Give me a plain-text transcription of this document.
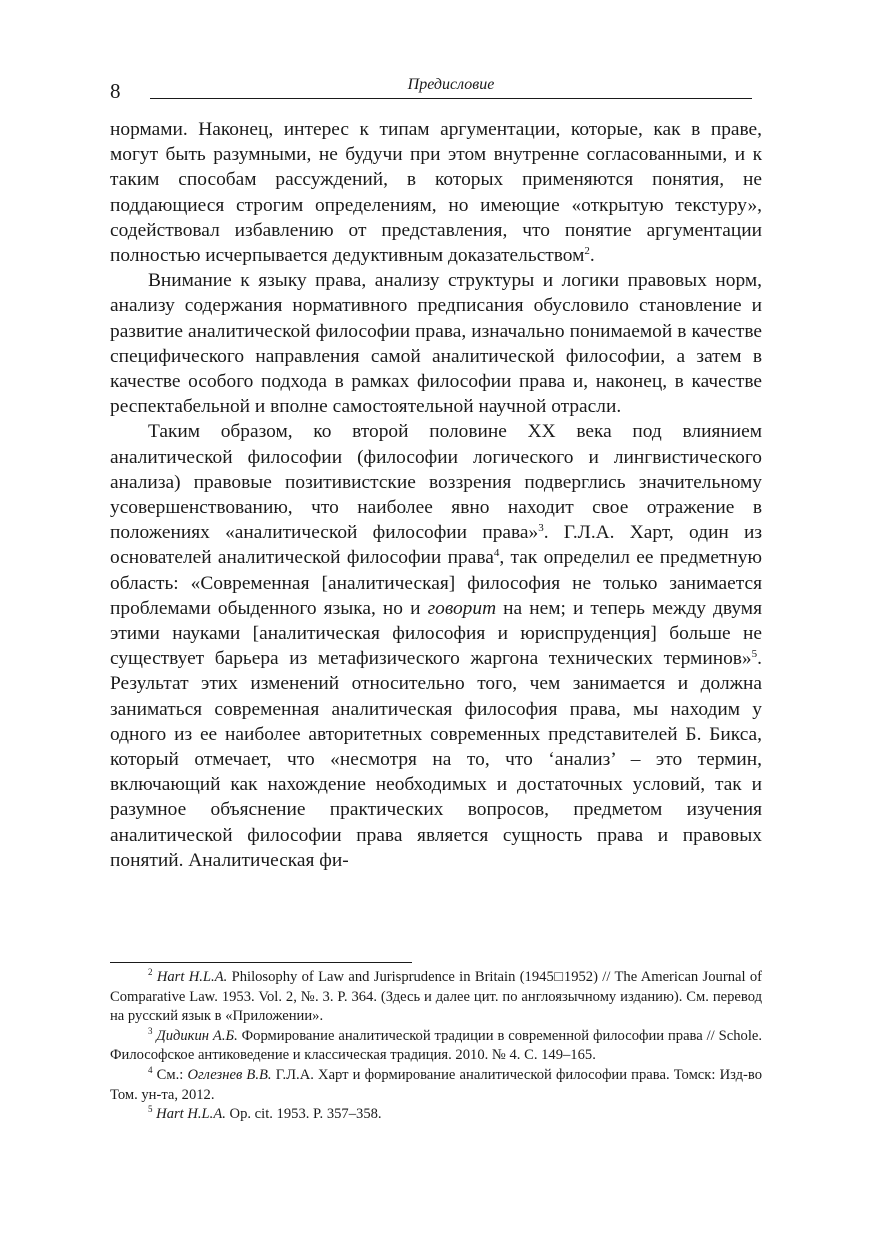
8	Предисловие

нормами. Наконец, интерес к типам аргументации, которые, как в праве, могут быть разумными, не будучи при этом внутренне согласованными, и к таким способам рассуждений, в которых применяются понятия, не поддающиеся строгим определениям, но имеющие «открытую текстуру», содействовал избавлению от представления, что понятие аргументации полностью исчерпывается дедуктивным доказательством$^2$.

Внимание к языку права, анализу структуры и логики правовых норм, анализу содержания нормативного предписания обусловило становление и развитие аналитической философии права, изначально понимаемой в качестве специфического направления самой аналитической философии, а затем в качестве особого подхода в рамках философии права и, наконец, в качестве респектабельной и вполне самостоятельной научной отрасли.

Таким образом, ко второй половине XX века под влиянием аналитической философии (философии логического и лингвистического анализа) правовые позитивистские воззрения подверглись значительному усовершенствованию, что наиболее явно находит свое отражение в положениях «аналитической философии права»$^3$. Г.Л.А. Харт, один из основателей аналитической философии права$^4$, так определил ее предметную область: «Современная [аналитическая] философия не только занимается проблемами обыденного языка, но и говорит на нем; и теперь между двумя этими науками [аналитическая философия и юриспруденция] больше не существует барьера из метафизического жаргона технических терминов»$^5$. Результат этих изменений относительно того, чем занимается и должна заниматься современная аналитическая философия права, мы находим у одного из ее наиболее авторитетных современных представителей Б. Бикса, который отмечает, что «несмотря на то, что ‘анализ’ – это термин, включающий как нахождение необходимых и достаточных условий, так и разумное объяснение практических вопросов, предметом изучения аналитической философии права является сущность права и правовых понятий. Аналитическая фи-

$^2$ Hart H.L.A. Philosophy of Law and Jurisprudence in Britain (1945□1952) // The American Journal of Comparative Law. 1953. Vol. 2, №. 3. P. 364. (Здесь и далее цит. по англоязычному изданию). См. перевод на русский язык в «Приложении».

$^3$ Дидикин А.Б. Формирование аналитической традиции в современной философии права // Schole. Философское антиковедение и классическая традиция. 2010. № 4. С. 149–165.

$^4$ См.: Оглезнев В.В. Г.Л.А. Харт и формирование аналитической философии права. Томск: Изд-во Том. ун-та, 2012.

$^5$ Hart H.L.A. Op. cit. 1953. P. 357–358.
